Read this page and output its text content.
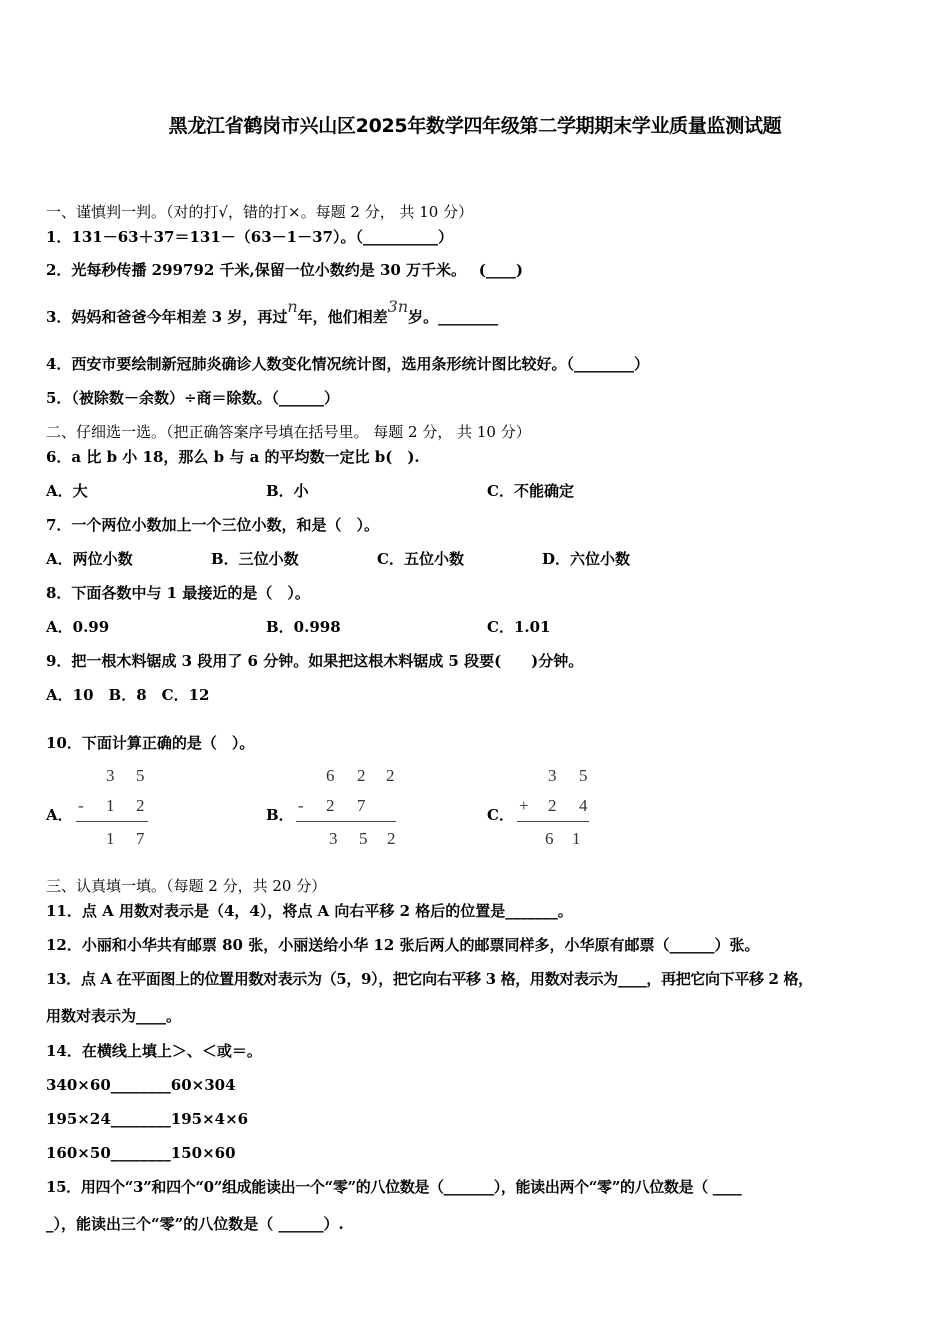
黑龙江省鹤岗市兴山区2025年数学四年级第二学期期末学业质量监测试题
一、谨慎判一判。（对的打√，错的打×。每题 2 分， 共 10 分）
1．131－63＋37＝131－（63－1－37）。（__________）
2．光每秒传播 299792 千米,保留一位小数约是 30 万千米。　 (____)
3．妈妈和爸爸今年相差 3 岁，再过n年，他们相差3n岁。________
4．西安市要绘制新冠肺炎确诊人数变化情况统计图，选用条形统计图比较好。（________）
5．（被除数－余数）÷商＝除数。（______）
二、仔细选一选。（把正确答案序号填在括号里。 每题 2 分， 共 10 分）
6．a 比 b 小 18，那么 b 与 a 的平均数一定比 b(　).
A．大	B．小	C．不能确定
7．一个两位小数加上一个三位小数，和是（　）。
A．两位小数	B．三位小数	C．五位小数	D．六位小数
8．下面各数中与 1 最接近的是（　）。
A．0.99	B．0.998	C．1.01
9．把一根木料锯成 3 段用了 6 分钟。如果把这根木料锯成 5 段要(　　)分钟。
A．10　B．8　C．12
10．下面计算正确的是（　）。
A．
3 5
- 1 2
1 7
B．
6 2 2
- 2 7
3 5 2
C．
3 5
+ 2 4
6 1
三、认真填一填。（每题 2 分，共 20 分）
11．点 A 用数对表示是（4，4），将点 A 向右平移 2 格后的位置是_______。
12．小丽和小华共有邮票 80 张，小丽送给小华 12 张后两人的邮票同样多，小华原有邮票（______）张。
13．点 A 在平面图上的位置用数对表示为（5，9），把它向右平移 3 格，用数对表示为____，再把它向下平移 2 格，
用数对表示为____。
14．在横线上填上＞、＜或＝。
340×60________60×304
195×24________195×4×6
160×50________150×60
15．用四个“3”和四个“0”组成能读出一个“零”的八位数是（_______），能读出两个“零”的八位数是（ ____
_），能读出三个“零”的八位数是（ ______）.
